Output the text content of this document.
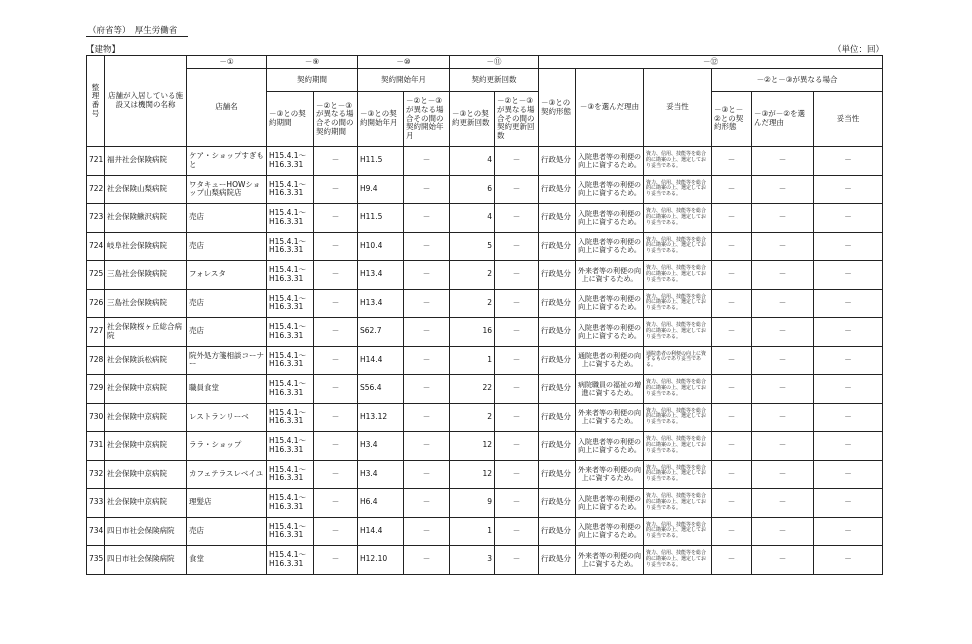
（府省等）　厚生労働省
【建物】	（単位：回）
整理番号	店舗が入居している施設又は機関の名称	－①	－⑨		－⑩		－⑪		－⑫					
		店舗名	契約期間		契約開始年月		契約更新回数		－③との契約形態	－③を選んだ理由	妥当性	－②と－③が異なる場合		
			－③との契約期間	－②と－③が異なる場合その間の契約期間	－③との契約開始年月	－②と－③が異なる場合その間の契約開始年月	－③との契約更新回数	－②と－③が異なる場合その間の契約更新回数				－③と－②との契約形態	－③が－②を選んだ理由	妥当性
721	福井社会保険病院	ケア・ショップすぎもと	H15.4.1～H16.3.31	－	H11.5	－	4	－	行政処分	入院患者等の利便の向上に資するため。	資力、信用、技能等を総合的に勘案の上、選定しており妥当である。	－	－	－
722	社会保険山梨病院	ワタキューHOWショップ山梨病院店	H15.4.1～H16.3.31	－	H9.4	－	6	－	行政処分	入院患者等の利便の向上に資するため。	資力、信用、技能等を総合的に勘案の上、選定しており妥当である。	－	－	－
723	社会保険鰍沢病院	売店	H15.4.1～H16.3.31	－	H11.5	－	4	－	行政処分	入院患者等の利便の向上に資するため。	資力、信用、技能等を総合的に勘案の上、選定しており妥当である。	－	－	－
724	岐阜社会保険病院	売店	H15.4.1～H16.3.31	－	H10.4	－	5	－	行政処分	入院患者等の利便の向上に資するため。	資力、信用、技能等を総合的に勘案の上、選定しており妥当である。	－	－	－
725	三島社会保険病院	フォレスタ	H15.4.1～H16.3.31	－	H13.4	－	2	－	行政処分	外来者等の利便の向上に資するため。	資力、信用、技能等を総合的に勘案の上、選定しており妥当である。	－	－	－
726	三島社会保険病院	売店	H15.4.1～H16.3.31	－	H13.4	－	2	－	行政処分	入院患者等の利便の向上に資するため。	資力、信用、技能等を総合的に勘案の上、選定しており妥当である。	－	－	－
727	社会保険桜ヶ丘総合病院	売店	H15.4.1～H16.3.31	－	S62.7	－	16	－	行政処分	入院患者等の利便の向上に資するため。	資力、信用、技能等を総合的に勘案の上、選定しており妥当である。	－	－	－
728	社会保険浜松病院	院外処方箋相談コーナー	H15.4.1～H16.3.31	－	H14.4	－	1	－	行政処分	通院患者の利便の向上に資するため。	通院患者の利便の向上に資するものであり妥当である。	－	－	－
729	社会保険中京病院	職員食堂	H15.4.1～H16.3.31	－	S56.4	－	22	－	行政処分	病院職員の福祉の増進に資するため。	資力、信用、技能等を総合的に勘案の上、選定しており妥当である。	－	－	－
730	社会保険中京病院	レストランリーベ	H15.4.1～H16.3.31	－	H13.12	－	2	－	行政処分	外来者等の利便の向上に資するため。	資力、信用、技能等を総合的に勘案の上、選定しており妥当である。	－	－	－
731	社会保険中京病院	ララ・ショップ	H15.4.1～H16.3.31	－	H3.4	－	12	－	行政処分	入院患者等の利便の向上に資するため。	資力、信用、技能等を総合的に勘案の上、選定しており妥当である。	－	－	－
732	社会保険中京病院	カフェテラスレベイユ	H15.4.1～H16.3.31	－	H3.4	－	12	－	行政処分	外来者等の利便の向上に資するため。	資力、信用、技能等を総合的に勘案の上、選定しており妥当である。	－	－	－
733	社会保険中京病院	理髪店	H15.4.1～H16.3.31	－	H6.4	－	9	－	行政処分	入院患者等の利便の向上に資するため。	資力、信用、技能等を総合的に勘案の上、選定しており妥当である。	－	－	－
734	四日市社会保険病院	売店	H15.4.1～H16.3.31	－	H14.4	－	1	－	行政処分	入院患者等の利便の向上に資するため。	資力、信用、技能等を総合的に勘案の上、選定しており妥当である。	－	－	－
735	四日市社会保険病院	食堂	H15.4.1～H16.3.31	－	H12.10	－	3	－	行政処分	外来者等の利便の向上に資するため。	資力、信用、技能等を総合的に勘案の上、選定しており妥当である。	－	－	－
